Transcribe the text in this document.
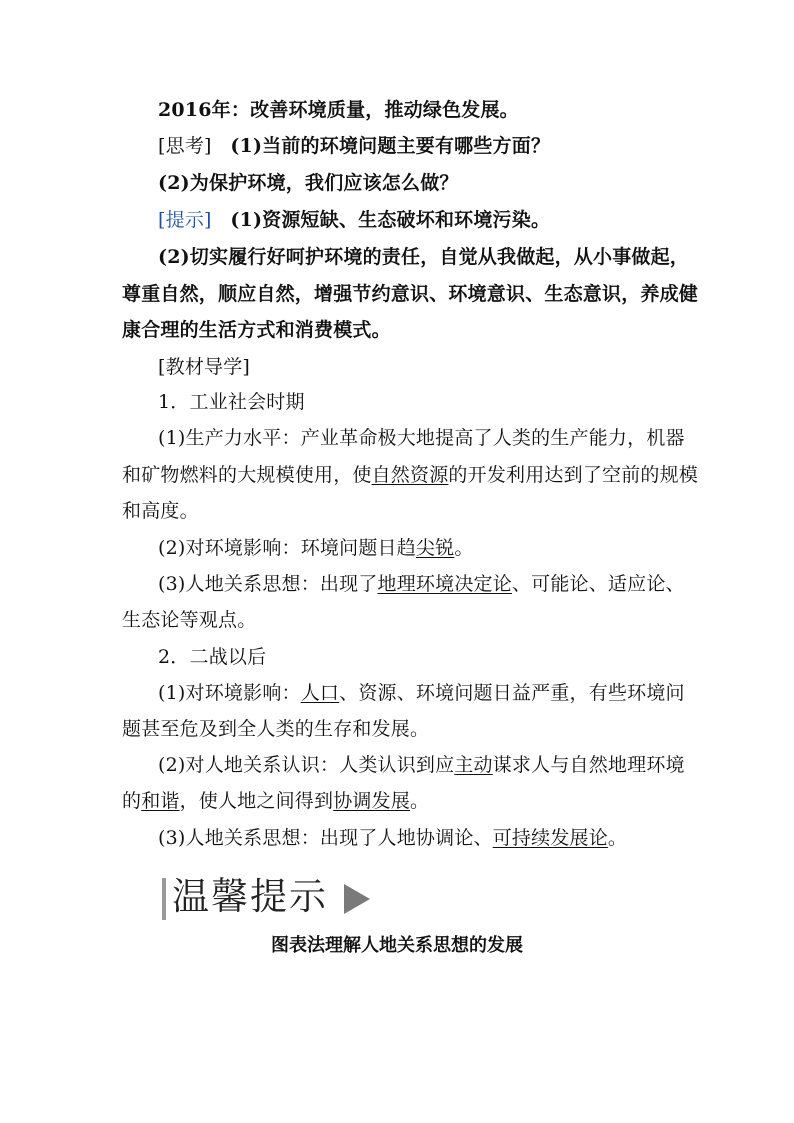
2016年：改善环境质量，推动绿色发展。
[思考] (1)当前的环境问题主要有哪些方面？
(2)为保护环境，我们应该怎么做？
[提示] (1)资源短缺、生态破坏和环境污染。
(2)切实履行好呵护环境的责任，自觉从我做起，从小事做起，
尊重自然，顺应自然，增强节约意识、环境意识、生态意识，养成健
康合理的生活方式和消费模式。
[教材导学]
1．工业社会时期
(1)生产力水平：产业革命极大地提高了人类的生产能力，机器
和矿物燃料的大规模使用，使自然资源的开发利用达到了空前的规模
和高度。
(2)对环境影响：环境问题日趋尖锐。
(3)人地关系思想：出现了地理环境决定论、可能论、适应论、
生态论等观点。
2．二战以后
(1)对环境影响：人口、资源、环境问题日益严重，有些环境问
题甚至危及到全人类的生存和发展。
(2)对人地关系认识：人类认识到应主动谋求人与自然地理环境
的和谐，使人地之间得到协调发展。
(3)人地关系思想：出现了人地协调论、可持续发展论。
温馨提示
图表法理解人地关系思想的发展
